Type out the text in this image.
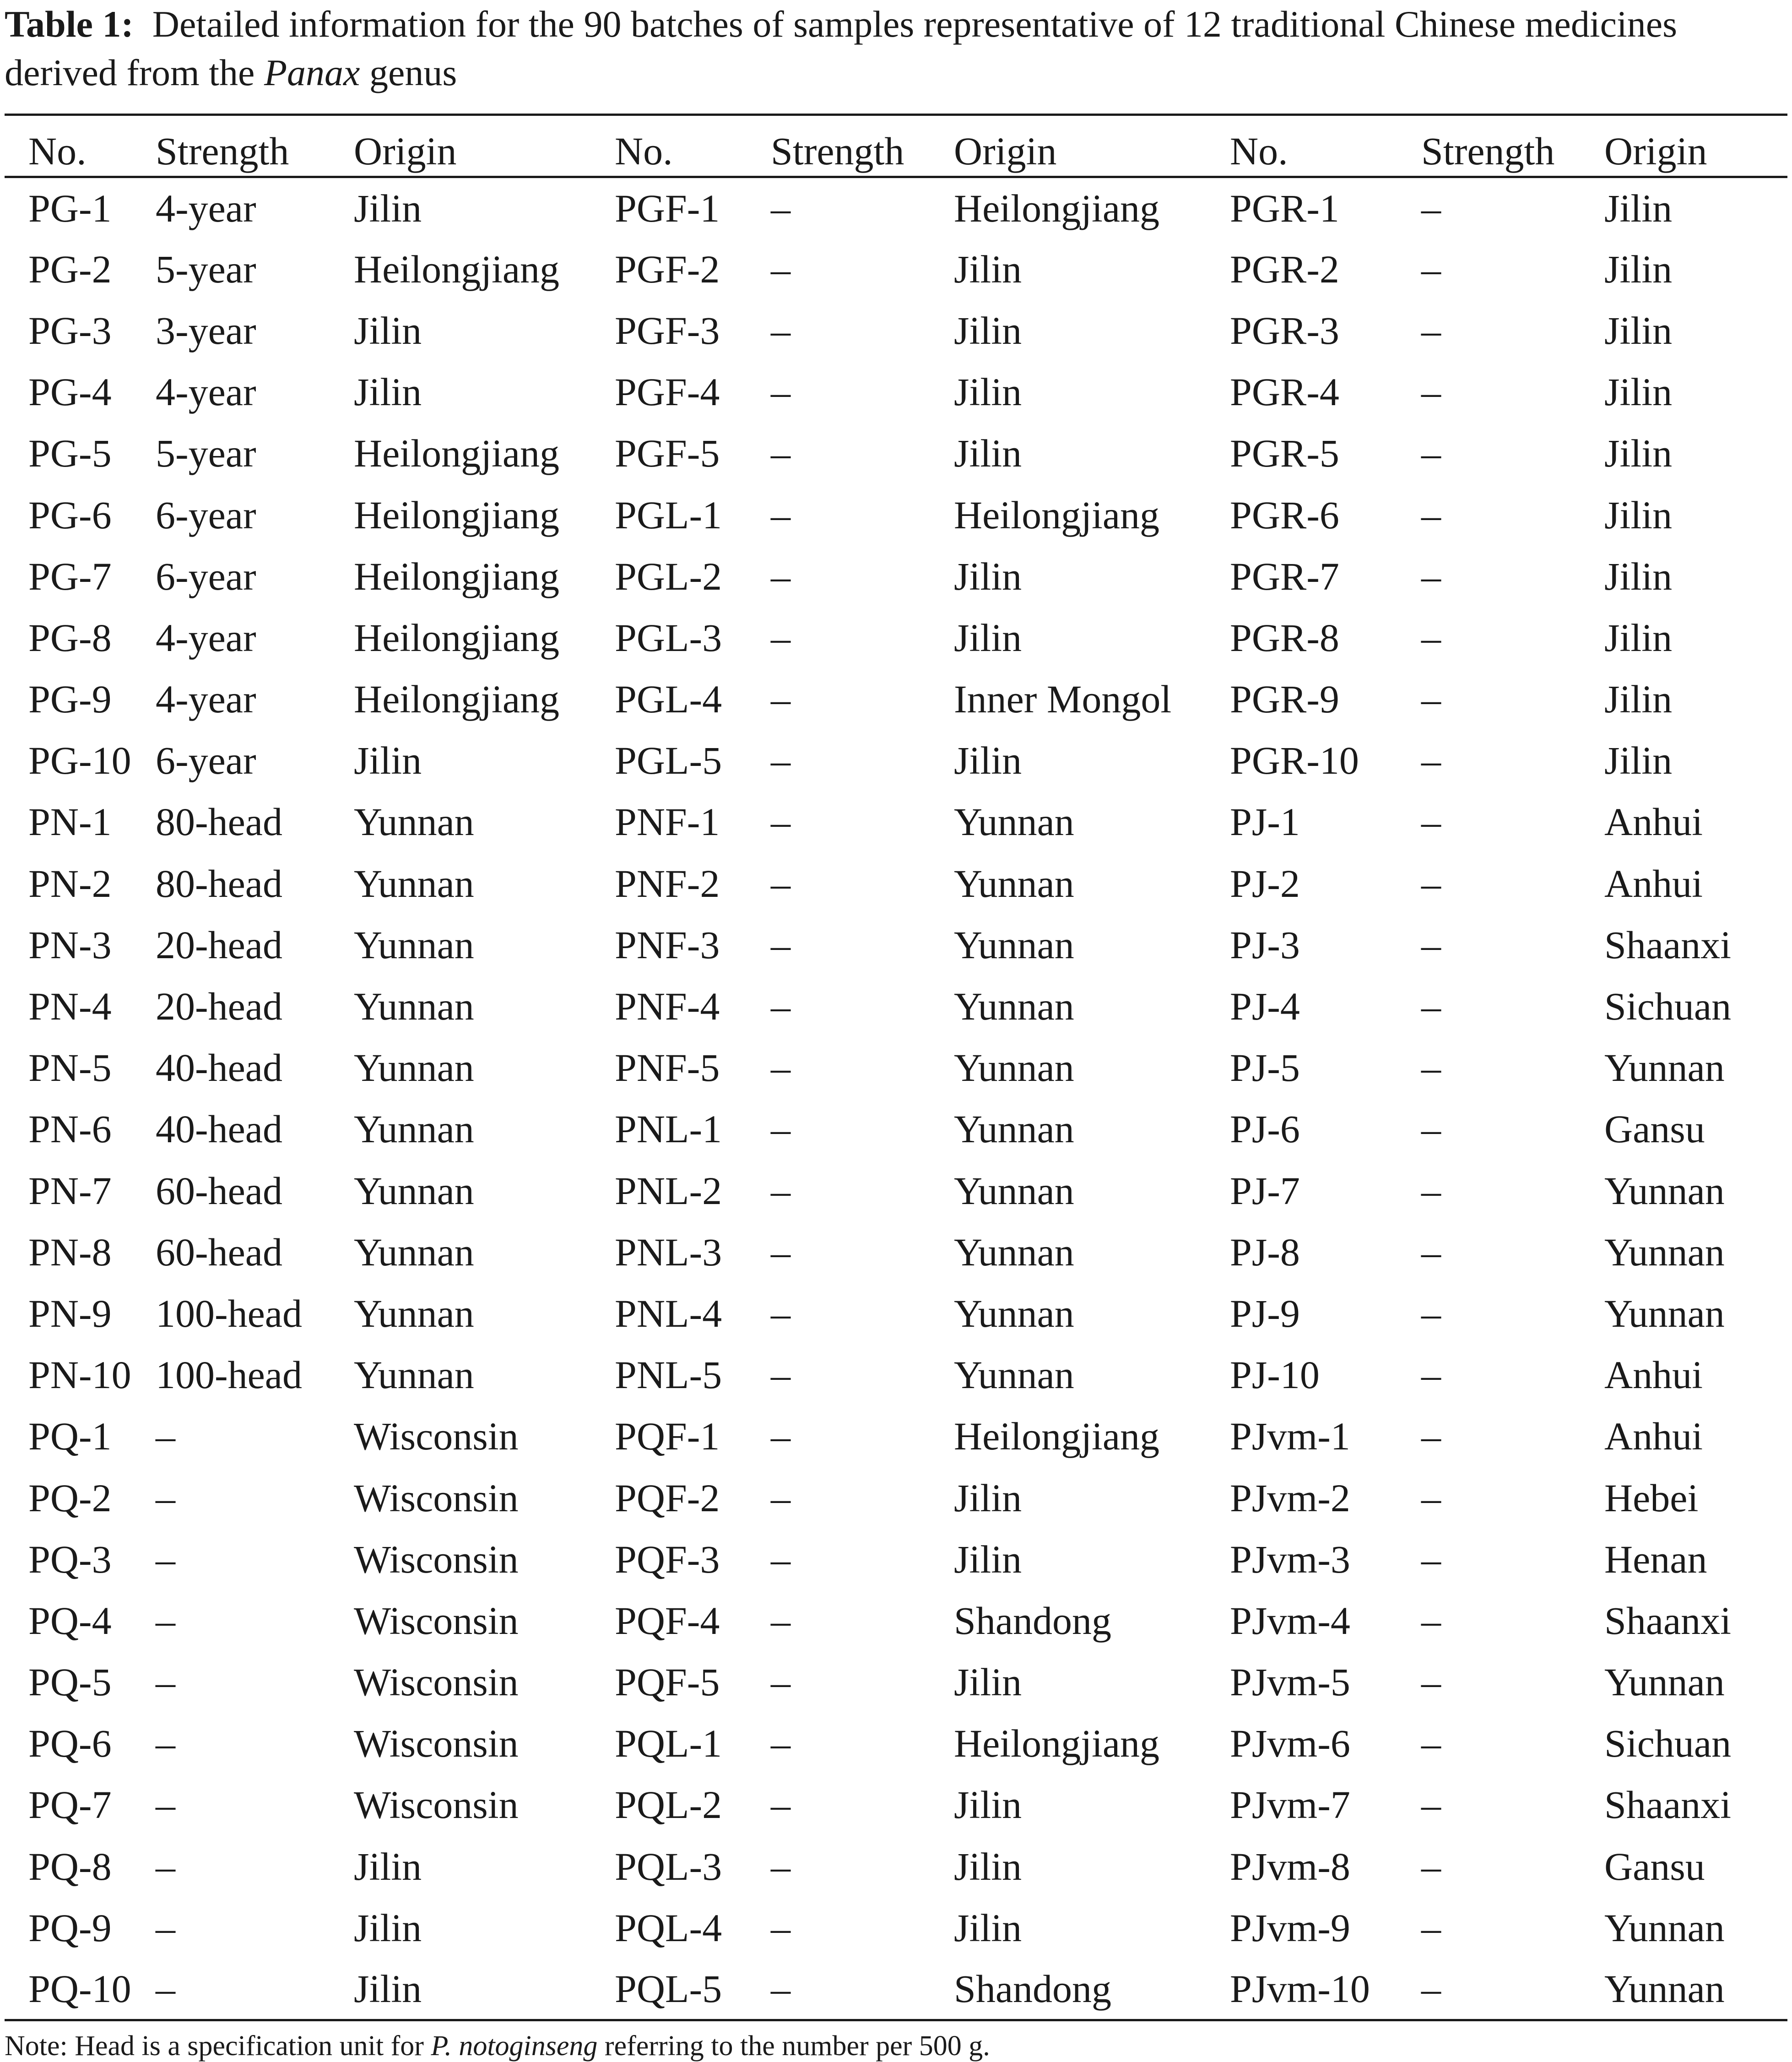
Table 1: Detailed information for the 90 batches of samples representative of 12 traditional Chinese medicines derived from the Panax genus
No.	Strength	Origin	No.	Strength	Origin	No.	Strength	Origin
PG-1	4-year	Jilin	PGF-1	–	Heilongjiang	PGR-1	–	Jilin
PG-2	5-year	Heilongjiang	PGF-2	–	Jilin	PGR-2	–	Jilin
PG-3	3-year	Jilin	PGF-3	–	Jilin	PGR-3	–	Jilin
PG-4	4-year	Jilin	PGF-4	–	Jilin	PGR-4	–	Jilin
PG-5	5-year	Heilongjiang	PGF-5	–	Jilin	PGR-5	–	Jilin
PG-6	6-year	Heilongjiang	PGL-1	–	Heilongjiang	PGR-6	–	Jilin
PG-7	6-year	Heilongjiang	PGL-2	–	Jilin	PGR-7	–	Jilin
PG-8	4-year	Heilongjiang	PGL-3	–	Jilin	PGR-8	–	Jilin
PG-9	4-year	Heilongjiang	PGL-4	–	Inner Mongol	PGR-9	–	Jilin
PG-10	6-year	Jilin	PGL-5	–	Jilin	PGR-10	–	Jilin
PN-1	80-head	Yunnan	PNF-1	–	Yunnan	PJ-1	–	Anhui
PN-2	80-head	Yunnan	PNF-2	–	Yunnan	PJ-2	–	Anhui
PN-3	20-head	Yunnan	PNF-3	–	Yunnan	PJ-3	–	Shaanxi
PN-4	20-head	Yunnan	PNF-4	–	Yunnan	PJ-4	–	Sichuan
PN-5	40-head	Yunnan	PNF-5	–	Yunnan	PJ-5	–	Yunnan
PN-6	40-head	Yunnan	PNL-1	–	Yunnan	PJ-6	–	Gansu
PN-7	60-head	Yunnan	PNL-2	–	Yunnan	PJ-7	–	Yunnan
PN-8	60-head	Yunnan	PNL-3	–	Yunnan	PJ-8	–	Yunnan
PN-9	100-head	Yunnan	PNL-4	–	Yunnan	PJ-9	–	Yunnan
PN-10	100-head	Yunnan	PNL-5	–	Yunnan	PJ-10	–	Anhui
PQ-1	–	Wisconsin	PQF-1	–	Heilongjiang	PJvm-1	–	Anhui
PQ-2	–	Wisconsin	PQF-2	–	Jilin	PJvm-2	–	Hebei
PQ-3	–	Wisconsin	PQF-3	–	Jilin	PJvm-3	–	Henan
PQ-4	–	Wisconsin	PQF-4	–	Shandong	PJvm-4	–	Shaanxi
PQ-5	–	Wisconsin	PQF-5	–	Jilin	PJvm-5	–	Yunnan
PQ-6	–	Wisconsin	PQL-1	–	Heilongjiang	PJvm-6	–	Sichuan
PQ-7	–	Wisconsin	PQL-2	–	Jilin	PJvm-7	–	Shaanxi
PQ-8	–	Jilin	PQL-3	–	Jilin	PJvm-8	–	Gansu
PQ-9	–	Jilin	PQL-4	–	Jilin	PJvm-9	–	Yunnan
PQ-10	–	Jilin	PQL-5	–	Shandong	PJvm-10	–	Yunnan
Note: Head is a specification unit for P. notoginseng referring to the number per 500 g.
